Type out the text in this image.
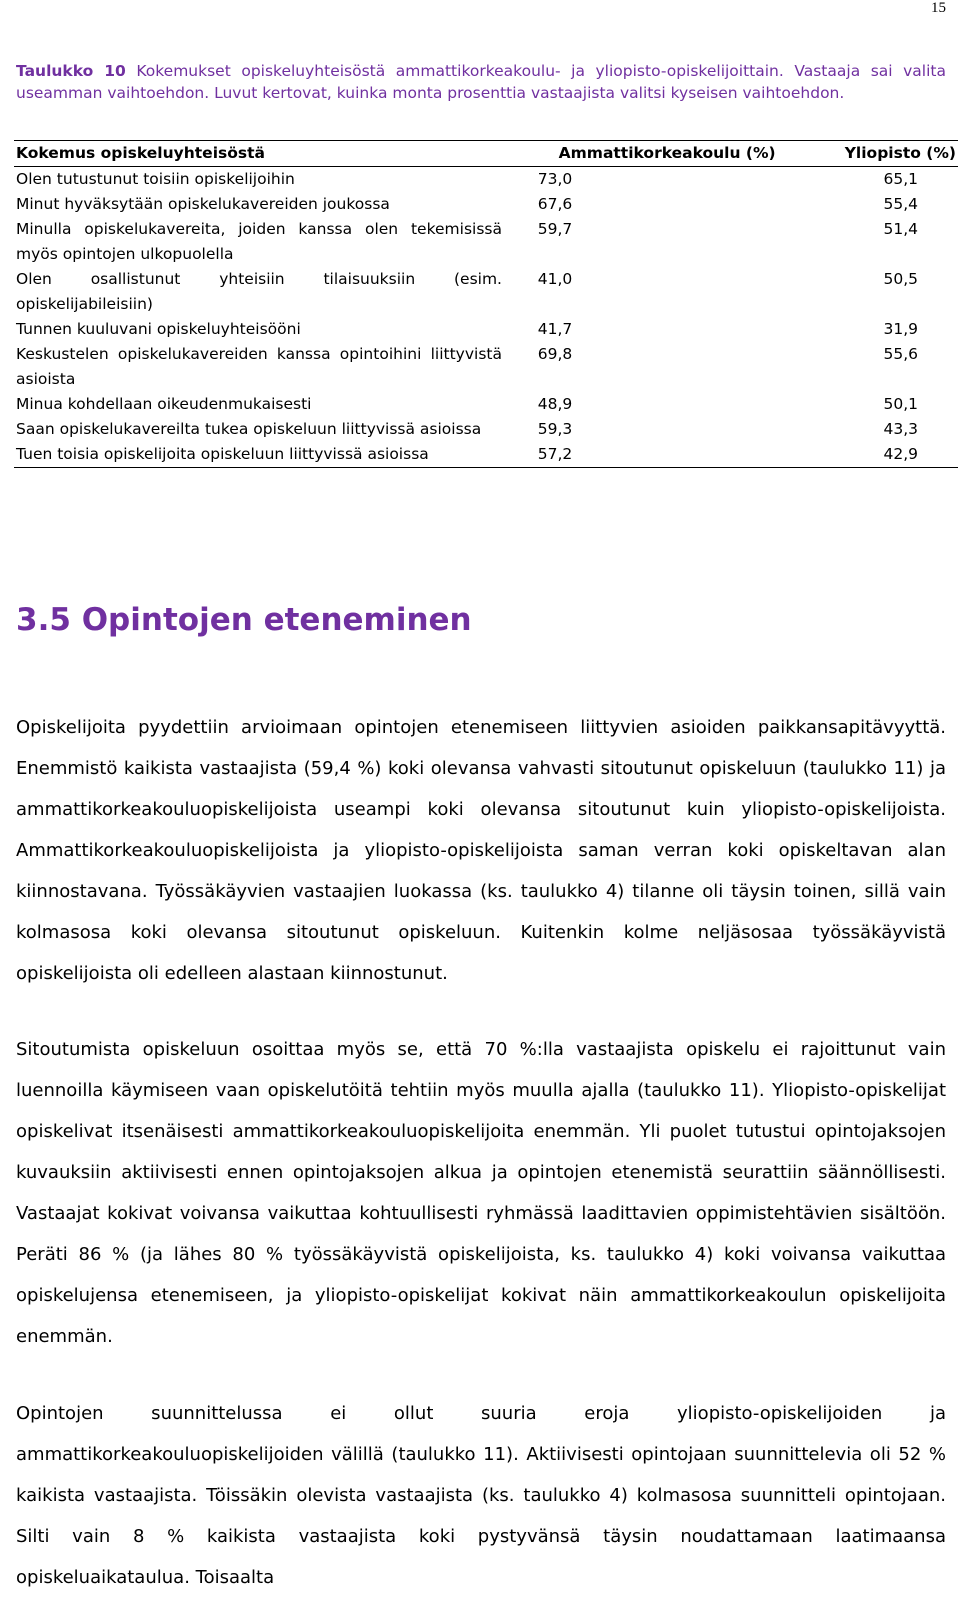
15
Taulukko 10 Kokemukset opiskeluyhteisöstä ammattikorkeakoulu- ja yliopisto-opiskelijoittain. Vastaaja sai valita useamman vaihtoehdon. Luvut kertovat, kuinka monta prosenttia vastaajista valitsi kyseisen vaihtoehdon.
Kokemus opiskeluyhteisöstä	Ammattikorkeakoulu (%)	Yliopisto (%)
Olen tutustunut toisiin opiskelijoihin	73,0	65,1
Minut hyväksytään opiskelukavereiden joukossa	67,6	55,4
Minulla opiskelukavereita, joiden kanssa olen tekemisissä myös opintojen ulkopuolella	59,7	51,4
Olen osallistunut yhteisiin tilaisuuksiin (esim. opiskelijabileisiin)	41,0	50,5
Tunnen kuuluvani opiskeluyhteisööni	41,7	31,9
Keskustelen opiskelukavereiden kanssa opintoihini liittyvistä asioista	69,8	55,6
Minua kohdellaan oikeudenmukaisesti	48,9	50,1
Saan opiskelukavereilta tukea opiskeluun liittyvissä asioissa	59,3	43,3
Tuen toisia opiskelijoita opiskeluun liittyvissä asioissa	57,2	42,9
3.5 Opintojen eteneminen

Opiskelijoita pyydettiin arvioimaan opintojen etenemiseen liittyvien asioiden paikkansapitävyyttä. Enemmistö kaikista vastaajista (59,4 %) koki olevansa vahvasti sitoutunut opiskeluun (taulukko 11) ja ammattikorkeakouluopiskelijoista useampi koki olevansa sitoutunut kuin yliopisto-opiskelijoista. Ammattikorkeakouluopiskelijoista ja yliopisto-opiskelijoista saman verran koki opiskeltavan alan kiinnostavana. Työssäkäyvien vastaajien luokassa (ks. taulukko 4) tilanne oli täysin toinen, sillä vain kolmasosa koki olevansa sitoutunut opiskeluun. Kuitenkin kolme neljäsosaa työssäkäyvistä opiskelijoista oli edelleen alastaan kiinnostunut.

Sitoutumista opiskeluun osoittaa myös se, että 70 %:lla vastaajista opiskelu ei rajoittunut vain luennoilla käymiseen vaan opiskelutöitä tehtiin myös muulla ajalla (taulukko 11). Yliopisto-opiskelijat opiskelivat itsenäisesti ammattikorkeakouluopiskelijoita enemmän. Yli puolet tutustui opintojaksojen kuvauksiin aktiivisesti ennen opintojaksojen alkua ja opintojen etenemistä seurattiin säännöllisesti. Vastaajat kokivat voivansa vaikuttaa kohtuullisesti ryhmässä laadittavien oppimistehtävien sisältöön. Peräti 86 % (ja lähes 80 % työssäkäyvistä opiskelijoista, ks. taulukko 4) koki voivansa vaikuttaa opiskelujensa etenemiseen, ja yliopisto-opiskelijat kokivat näin ammattikorkeakoulun opiskelijoita enemmän.

Opintojen suunnittelussa ei ollut suuria eroja yliopisto-opiskelijoiden ja ammattikorkeakouluopiskelijoiden välillä (taulukko 11). Aktiivisesti opintojaan suunnittelevia oli 52 % kaikista vastaajista. Töissäkin olevista vastaajista (ks. taulukko 4) kolmasosa suunnitteli opintojaan. Silti vain 8 % kaikista vastaajista koki pystyvänsä täysin noudattamaan laatimaansa opiskeluaikataulua. Toisaalta
